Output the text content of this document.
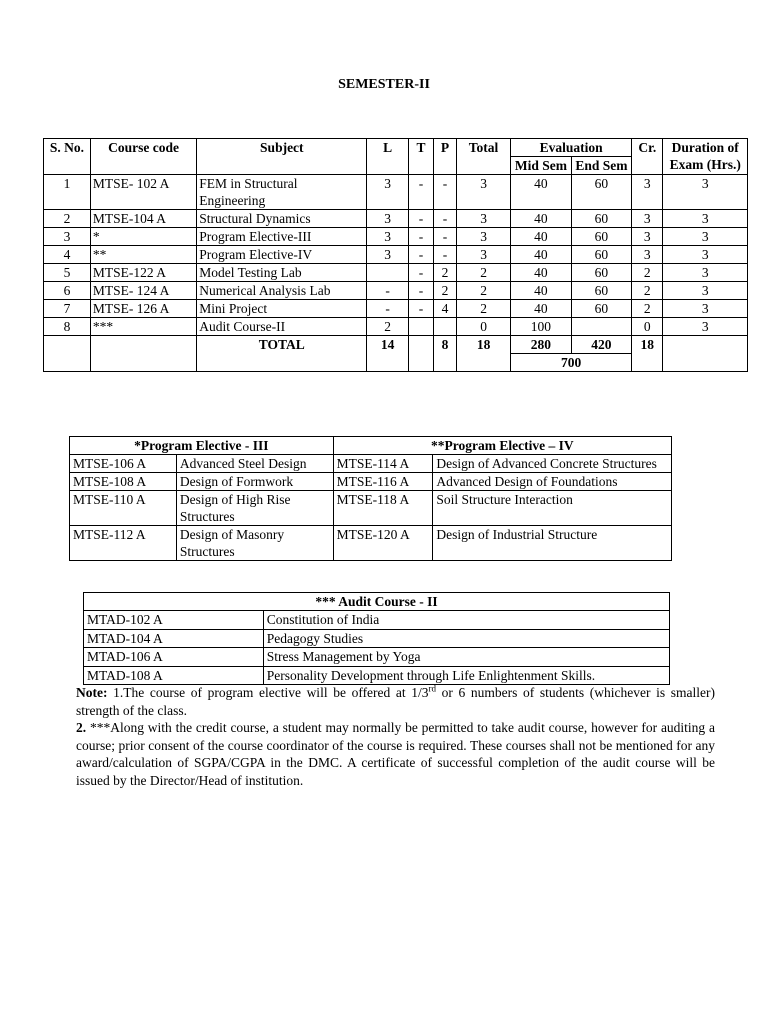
SEMESTER-II
S. No.	Course code	Subject	L	T	P	Total	Evaluation		Cr.	Duration of Exam (Hrs.)
							Mid Sem	End Sem		
1	MTSE- 102 A	FEM in Structural Engineering	3	-	-	3	40	60	3	3
2	MTSE-104 A	Structural Dynamics	3	-	-	3	40	60	3	3
3	*	Program Elective-III	3	-	-	3	40	60	3	3
4	**	Program Elective-IV	3	-	-	3	40	60	3	3
5	MTSE-122 A	Model Testing Lab		-	2	2	40	60	2	3
6	MTSE- 124 A	Numerical Analysis Lab	-	-	2	2	40	60	2	3
7	MTSE- 126 A	Mini Project	-	-	4	2	40	60	2	3
8	***	Audit Course-II	2			0	100		0	3
		TOTAL	14		8	18	280	420	18	
							700			
*Program Elective - III		**Program Elective – IV	
MTSE-106 A	Advanced Steel Design	MTSE-114 A	Design of Advanced Concrete Structures
MTSE-108 A	Design of Formwork	MTSE-116 A	Advanced Design of Foundations
MTSE-110 A	Design of High Rise Structures	MTSE-118 A	Soil Structure Interaction
MTSE-112 A	Design of Masonry Structures	MTSE-120 A	Design of Industrial Structure
*** Audit Course - II	
MTAD-102 A	Constitution of India
MTAD-104 A	Pedagogy Studies
MTAD-106 A	Stress Management by Yoga
MTAD-108 A	Personality Development through Life Enlightenment Skills.

Note: 1.The course of program elective will be offered at 1/3rd or 6 numbers of students (whichever is smaller) strength of the class.

2. ***Along with the credit course, a student may normally be permitted to take audit course, however for auditing a course; prior consent of the course coordinator of the course is required. These courses shall not be mentioned for any award/calculation of SGPA/CGPA in the DMC. A certificate of successful completion of the audit course will be issued by the Director/Head of institution.
